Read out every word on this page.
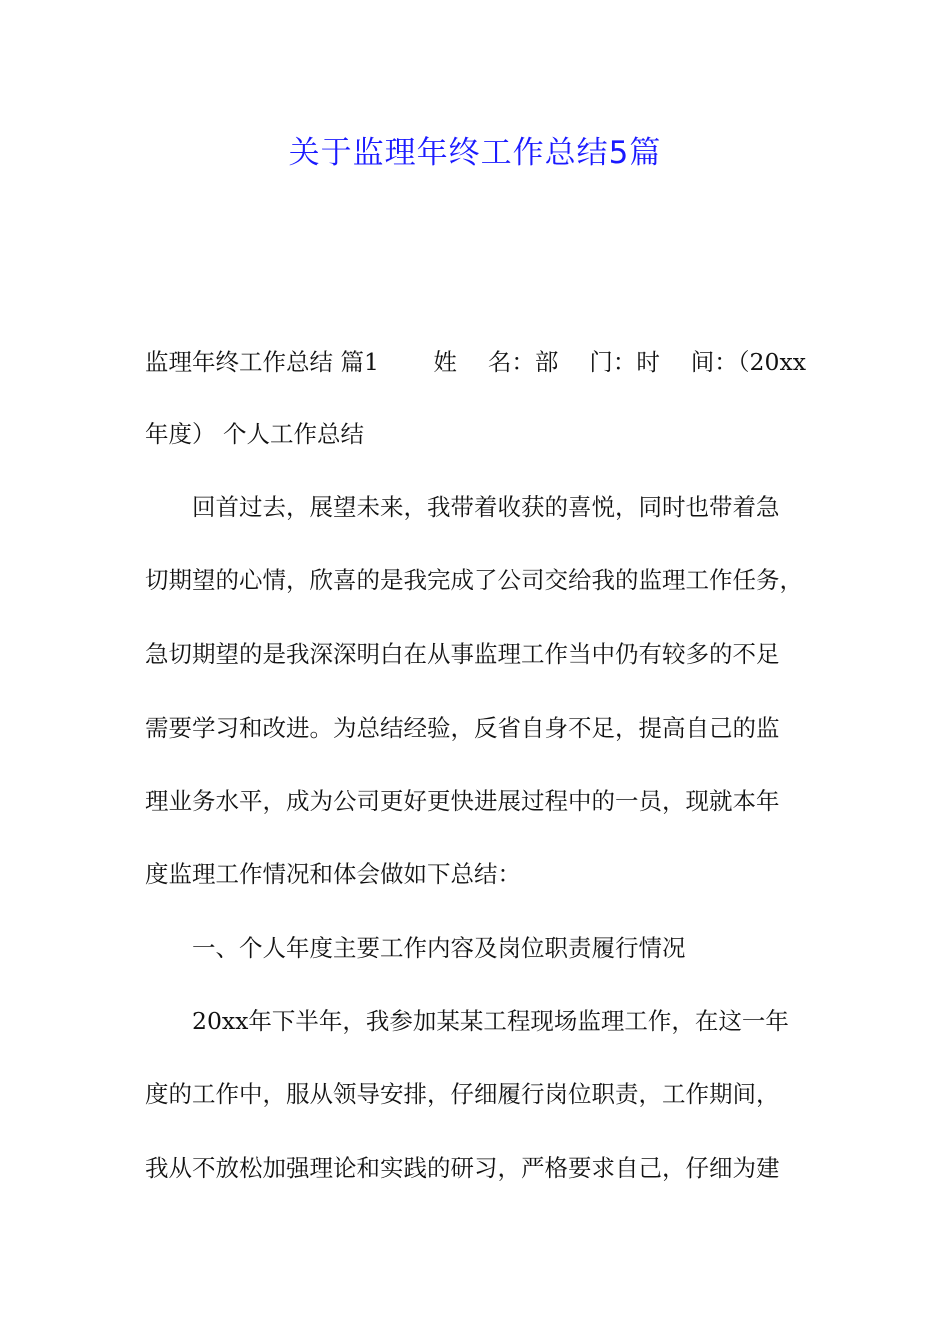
关于监理年终工作总结5篇

监理年终工作总结 篇1　　 姓　 名：部　 门：时　 间：（20xx

年度） 个人工作总结

　　回首过去，展望未来，我带着收获的喜悦，同时也带着急

切期望的心情，欣喜的是我完成了公司交给我的监理工作任务，

急切期望的是我深深明白在从事监理工作当中仍有较多的不足

需要学习和改进。为总结经验，反省自身不足，提高自己的监

理业务水平，成为公司更好更快进展过程中的一员，现就本年

度监理工作情况和体会做如下总结：

　　一、个人年度主要工作内容及岗位职责履行情况

　　20xx年下半年，我参加某某工程现场监理工作，在这一年

度的工作中，服从领导安排，仔细履行岗位职责，工作期间，

我从不放松加强理论和实践的研习，严格要求自己，仔细为建
